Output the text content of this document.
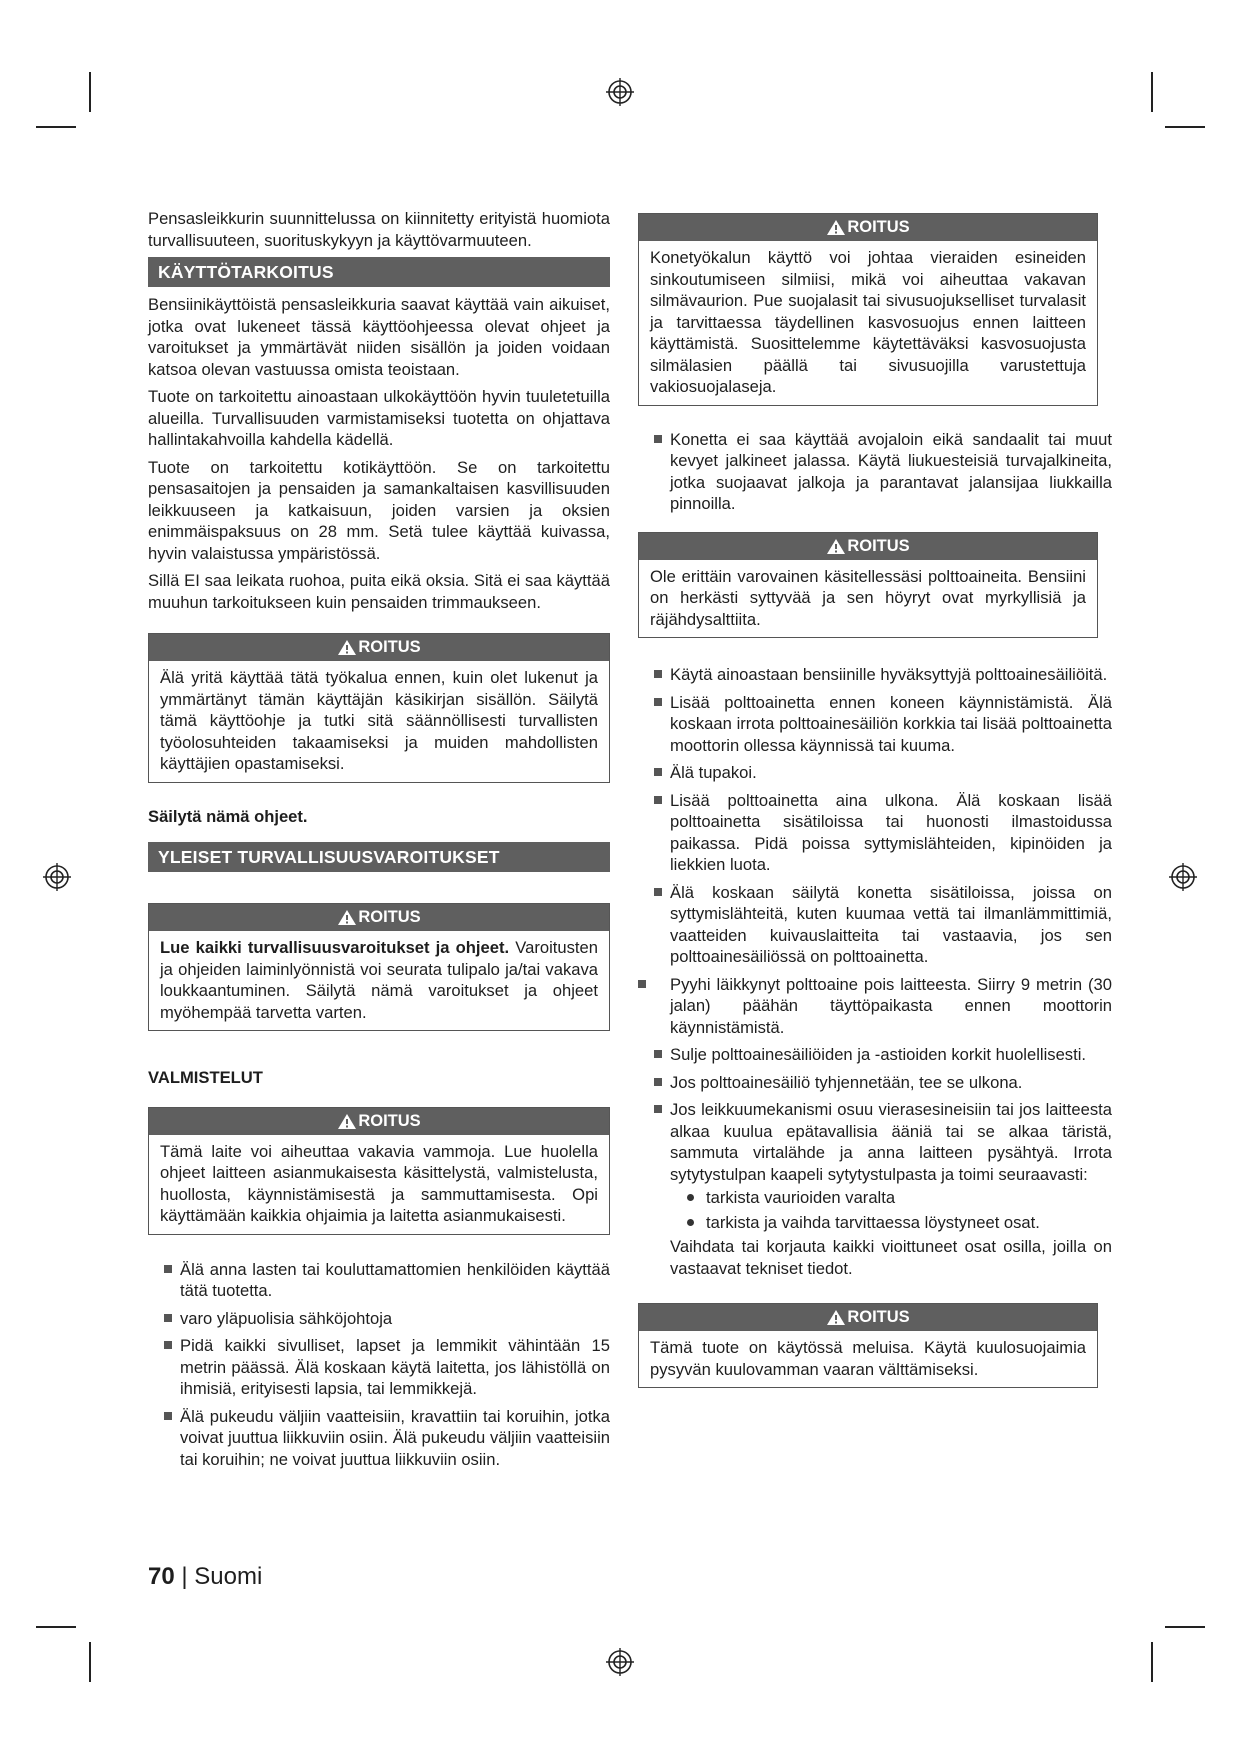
Pensasleikkurin suunnittelussa on kiinnitetty erityistä huomiota turvallisuuteen, suorituskykyyn ja käyttövarmuuteen.

KÄYTTÖTARKOITUS

Bensiinikäyttöistä pensasleikkuria saavat käyttää vain aikuiset, jotka ovat lukeneet tässä käyttöohjeessa olevat ohjeet ja varoitukset ja ymmärtävät niiden sisällön ja joiden voidaan katsoa olevan vastuussa omista teoistaan.

Tuote on tarkoitettu ainoastaan ulkokäyttöön hyvin tuuletetuilla alueilla. Turvallisuuden varmistamiseksi tuotetta on ohjattava hallintakahvoilla kahdella kädellä.

Tuote on tarkoitettu kotikäyttöön. Se on tarkoitettu pensasaitojen ja pensaiden ja samankaltaisen kasvillisuuden leikkuuseen ja katkaisuun, joiden varsien ja oksien enimmäispaksuus on 28 mm. Setä tulee käyttää kuivassa, hyvin valaistussa ympäristössä.

Sillä EI saa leikata ruohoa, puita eikä oksia. Sitä ei saa käyttää muuhun tarkoitukseen kuin pensaiden trimmaukseen.

ROITUS
Älä yritä käyttää tätä työkalua ennen, kuin olet lukenut ja ymmärtänyt tämän käyttäjän käsikirjan sisällön. Säilytä tämä käyttöohje ja tutki sitä säännöllisesti turvallisten työolosuhteiden takaamiseksi ja muiden mahdollisten käyttäjien opastamiseksi.

Säilytä nämä ohjeet.

YLEISET TURVALLISUUSVAROITUKSET
ROITUS
Lue kaikki turvallisuusvaroitukset ja ohjeet. Varoitusten ja ohjeiden laiminlyönnistä voi seurata tulipalo ja/tai vakava loukkaantuminen. Säilytä nämä varoitukset ja ohjeet myöhempää tarvetta varten.

VALMISTELUT

ROITUS
Tämä laite voi aiheuttaa vakavia vammoja. Lue huolella ohjeet laitteen asianmukaisesta käsittelystä, valmistelusta, huollosta, käynnistämisestä ja sammuttamisesta. Opi käyttämään kaikkia ohjaimia ja laitetta asianmukaisesti.
Älä anna lasten tai kouluttamattomien henkilöiden käyttää tätä tuotetta.
varo yläpuolisia sähköjohtoja
Pidä kaikki sivulliset, lapset ja lemmikit vähintään 15 metrin päässä. Älä koskaan käytä laitetta, jos lähistöllä on ihmisiä, erityisesti lapsia, tai lemmikkejä.
Älä pukeudu väljiin vaatteisiin, kravattiin tai koruihin, jotka voivat juuttua liikkuviin osiin. Älä pukeudu väljiin vaatteisiin tai koruihin; ne voivat juuttua liikkuviin osiin.
ROITUS
Konetyökalun käyttö voi johtaa vieraiden esineiden sinkoutumiseen silmiisi, mikä voi aiheuttaa vakavan silmävaurion. Pue suojalasit tai sivusuojukselliset turvalasit ja tarvittaessa täydellinen kasvosuojus ennen laitteen käyttämistä. Suosittelemme käytettäväksi kasvosuojusta silmälasien päällä tai sivusuojilla varustettuja vakiosuojalaseja.
Konetta ei saa käyttää avojaloin eikä sandaalit tai muut kevyet jalkineet jalassa. Käytä liukuesteisiä turvajalkineita, jotka suojaavat jalkoja ja parantavat jalansijaa liukkailla pinnoilla.
ROITUS
Ole erittäin varovainen käsitellessäsi polttoaineita. Bensiini on herkästi syttyvää ja sen höyryt ovat myrkyllisiä ja räjähdysalttiita.
Käytä ainoastaan bensiinille hyväksyttyjä polttoainesäiliöitä.
Lisää polttoainetta ennen koneen käynnistämistä. Älä koskaan irrota polttoainesäiliön korkkia tai lisää polttoainetta moottorin ollessa käynnissä tai kuuma.
Älä tupakoi.
Lisää polttoainetta aina ulkona. Älä koskaan lisää polttoainetta sisätiloissa tai huonosti ilmastoidussa paikassa. Pidä poissa syttymislähteiden, kipinöiden ja liekkien luota.
Älä koskaan säilytä konetta sisätiloissa, joissa on syttymislähteitä, kuten kuumaa vettä tai ilmanlämmittimiä, vaatteiden kuivauslaitteita tai vastaavia, jos sen polttoainesäiliössä on polttoainetta.
Pyyhi läikkynyt polttoaine pois laitteesta. Siirry 9 metrin (30 jalan) päähän täyttöpaikasta ennen moottorin käynnistämistä.
Sulje polttoainesäiliöiden ja -astioiden korkit huolellisesti.
Jos polttoainesäiliö tyhjennetään, tee se ulkona.
Jos leikkuumekanismi osuu vierasesineisiin tai jos laitteesta alkaa kuulua epätavallisia ääniä tai se alkaa täristä, sammuta virtalähde ja anna laitteen pysähtyä. Irrota sytytystulpan kaapeli sytytystulpasta ja toimi seuraavasti:
tarkista vaurioiden varalta
tarkista ja vaihda tarvittaessa löystyneet osat.
Vaihdata tai korjauta kaikki vioittuneet osat osilla, joilla on vastaavat tekniset tiedot.
ROITUS
Tämä tuote on käytössä meluisa. Käytä kuulosuojaimia pysyvän kuulovamman vaaran välttämiseksi.
70 | Suomi
